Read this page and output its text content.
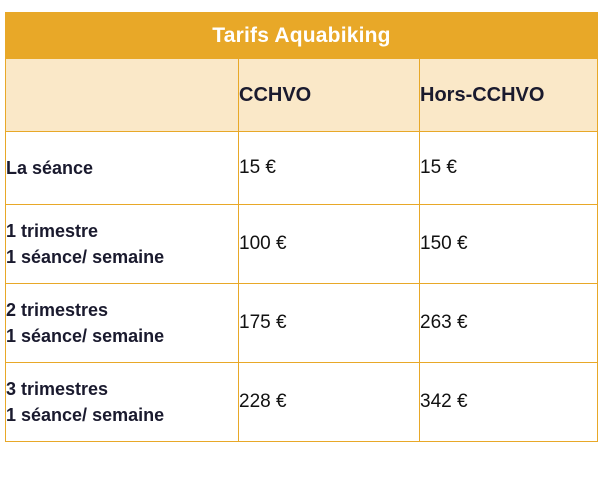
Tarifs Aquabiking		
	CCHVO	Hors-CCHVO

La séance	15 €	15 €

1 trimestre
1 séance/ semaine	100 €	150 €

2 trimestres
1 séance/ semaine	175 €	263 €

3 trimestres
1 séance/ semaine	228 €	342 €
